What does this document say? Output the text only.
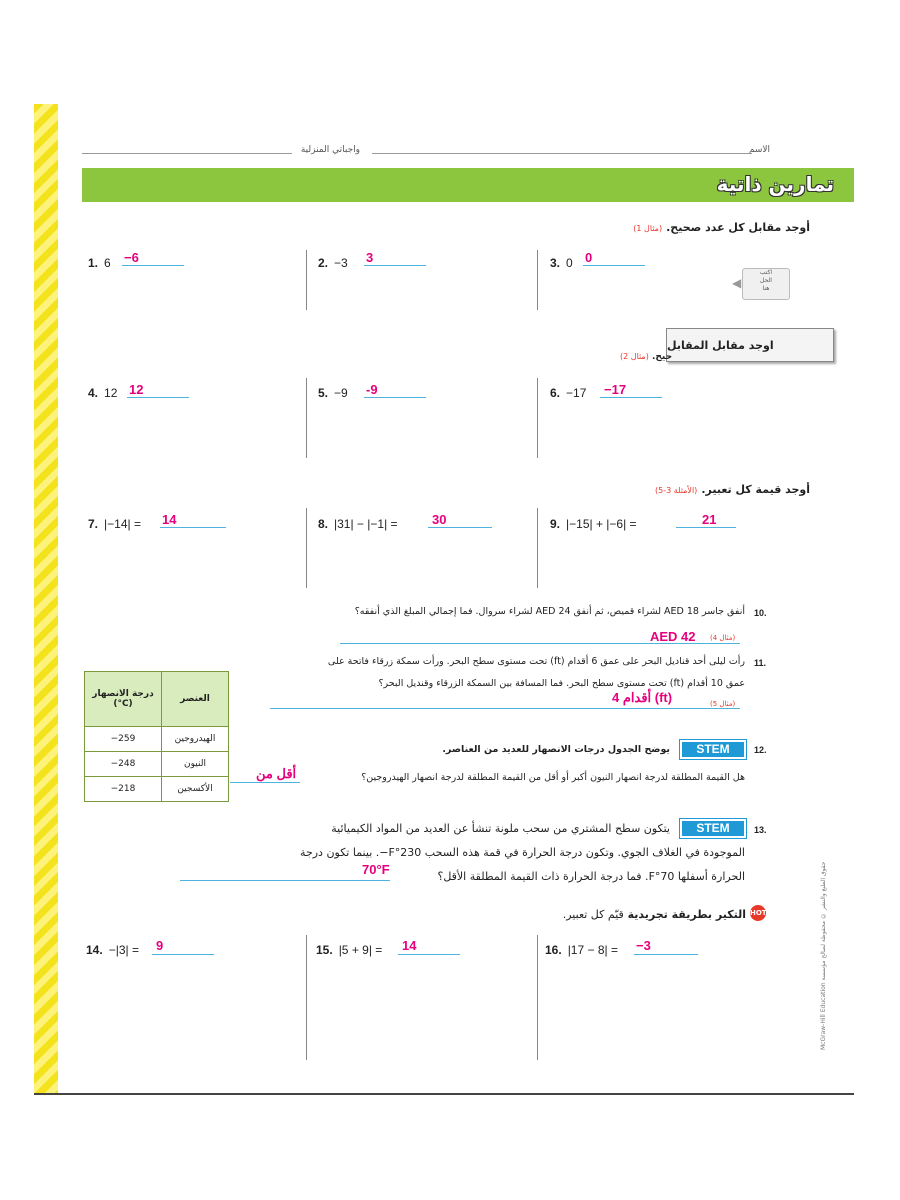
الاسم
واجباتي المنزلية
تمارين ذاتية
أوجد مقابل كل عدد صحيح.(مثال 1)
1. 6 −6	2. −3 3	3. 0 0
◀
اكتب
الحل
هنا
اوجد مقابل المقابل
حيح. (مثال 2)
4. 12 12	5. −9 -9	6. −17 −17
أوجد قيمة كل تعبير.(الأمثلة 3-5)
7. |−14| = 14	8. |31| − |−1| =	30	9. |−15| + |−6| =	21
10.
أنفق جاسر 18 AED لشراء قميص، ثم أنفق 24 AED لشراء سروال. فما إجمالي المبلغ الذي أنفقه؟
AED 42 (مثال 4)
11.
رأت ليلى أحد قناديل البحر على عمق 6 أقدام (ft) تحت مستوى سطح البحر. ورأت سمكة زرقاء فاتحة على
عمق 10 أقدام (ft) تحت مستوى سطح البحر. فما المسافة بين السمكة الزرقاء وقنديل البحر؟
4 أقدام (ft)	(مثال 5)
درجة الانصهار (°C)	العنصر
−259	الهيدروجين
−248	النيون
−218	الأكسجين
12.
STEM
يوضح الجدول درجات الانصهار للعديد من العناصر.
هل القيمة المطلقة لدرجة انصهار النيون أكبر أو أقل من القيمة المطلقة لدرجة انصهار الهيدروجين؟
أقل من
13.
STEM
يتكون سطح المشتري من سحب ملونة تنشأ عن العديد من المواد الكيميائية
الموجودة في الغلاف الجوي. وتكون درجة الحرارة في قمة هذه السحب 230°F−. بينما تكون درجة
الحرارة أسفلها 70°F. فما درجة الحرارة ذات القيمة المطلقة الأقل؟
70°F
HOT
التكير بطريقة تجريدية قيّم كل تعبير.
14. −|3| = 9	15. |5 + 9| = 14	16. |17 − 8| = −3
McGraw-Hill Education حقوق الطبع والنشر © محفوظة لصالح مؤسسة
